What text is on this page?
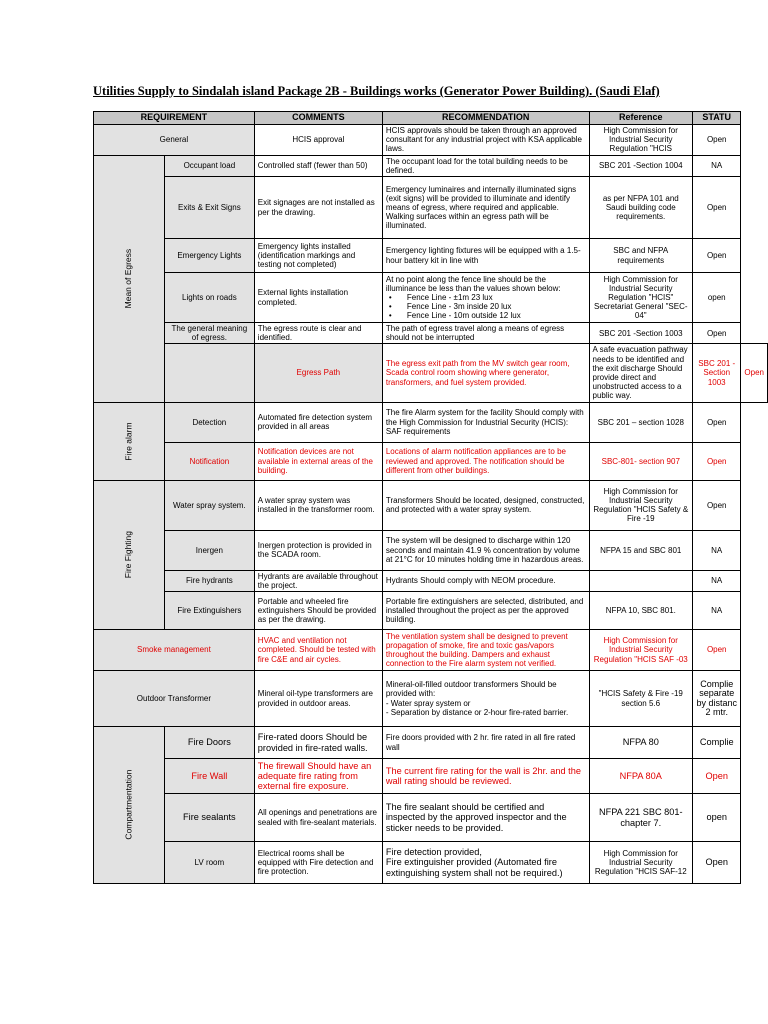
Utilities Supply to Sindalah island Package 2B - Buildings works (Generator Power Building). (Saudi Elaf)
REQUIREMENT		COMMENTS	RECOMMENDATION	Reference	STATU	
General		HCIS approval	HCIS approvals should be taken through an approved consultant for any industrial project with KSA applicable laws.	High Commission for Industrial Security Regulation "HCIS	Open	
Mean of Egress	Occupant load	Controlled staff (fewer than 50)	The occupant load for the total building needs to be defined.	SBC 201 -Section 1004	NA	
	Exits & Exit Signs	Exit signages are not installed as per the drawing.	Emergency luminaires and internally illuminated signs (exit signs) will be provided to illuminate and identify means of egress, where required and applicable. Walking surfaces within an egress path will be illuminated.	as per NFPA 101 and Saudi building code requirements.	Open	
	Emergency Lights	Emergency lights installed (identification markings and testing not completed)	Emergency lighting fixtures will be equipped with a 1.5-hour battery kit in line with	SBC and NFPA requirements	Open	
	Lights on roads	External lights installation completed.	At no point along the fence line should be the illuminance be less than the values shown below:
• Fence Line - ±1m 23 lux
• Fence Line - 3m inside 20 lux
• Fence Line - 10m outside 12 lux	High Commission for Industrial Security Regulation "HCIS" Secretariat General "SEC-04"	open	
	The general meaning of egress.	The egress route is clear and identified.	The path of egress travel along a means of egress should not be interrupted	SBC 201 -Section 1003	Open	
		Egress Path	The egress exit path from the MV switch gear room, Scada control room showing where generator, transformers, and fuel system provided.	A safe evacuation pathway needs to be identified and the exit discharge Should provide direct and unobstructed access to a public way.	SBC 201 -Section 1003	Open
Fire alarm	Detection	Automated fire detection system provided in all areas	The fire Alarm system for the facility Should comply with the High Commission for Industrial Security (HCIS): SAF requirements	SBC 201 – section 1028	Open	
	Notification	Notification devices are not available in external areas of the building.	Locations of alarm notification appliances are to be reviewed and approved. The notification should be different from other buildings.	SBC-801- section 907	Open	
Fire Fighting	Water spray system.	A water spray system was installed in the transformer room.	Transformers Should be located, designed, constructed, and protected with a water spray system.	High Commission for Industrial Security Regulation "HCIS Safety & Fire -19	Open	
	Inergen	Inergen protection is provided in the SCADA room.	The system will be designed to discharge within 120 seconds and maintain 41.9 % concentration by volume at 21°C for 10 minutes holding time in hazardous areas.	NFPA 15 and SBC 801	NA	
	Fire hydrants	Hydrants are available throughout the project.	Hydrants Should comply with NEOM procedure.		NA	
	Fire Extinguishers	Portable and wheeled fire extinguishers Should be provided as per the drawing.	Portable fire extinguishers are selected, distributed, and installed throughout the project as per the approved building.	NFPA 10, SBC 801.	NA	
Smoke management		HVAC and ventilation not completed. Should be tested with fire C&E and air cycles.	The ventilation system shall be designed to prevent propagation of smoke, fire and toxic gas/vapors throughout the building. Dampers and exhaust connection to the Fire alarm system not verified.	High Commission for Industrial Security Regulation "HCIS SAF -03	Open	
Outdoor Transformer		Mineral oil-type transformers are provided in outdoor areas.	Mineral-oil-filled outdoor transformers Should be provided with:
- Water spray system or
- Separation by distance or 2-hour fire-rated barrier.	"HCIS Safety & Fire -19 section 5.6	Complie separate by distanc 2 mtr.	
Compartmentation	Fire Doors	Fire-rated doors Should be provided in fire-rated walls.	Fire doors provided with 2 hr. fire rated in all fire rated wall	NFPA 80	Complie	
	Fire Wall	The firewall Should have an adequate fire rating from external fire exposure.	The current fire rating for the wall is 2hr. and the wall rating should be reviewed.	NFPA 80A	Open	
	Fire sealants	All openings and penetrations are sealed with fire-sealant materials.	The fire sealant should be certified and inspected by the approved inspector and the sticker needs to be provided.	NFPA 221 SBC 801-chapter 7.	open	
	LV room	Electrical rooms shall be equipped with Fire detection and fire protection.	Fire detection provided,
Fire extinguisher provided (Automated fire extinguishing system shall not be required.)	High Commission for Industrial Security Regulation "HCIS SAF-12	Open	
